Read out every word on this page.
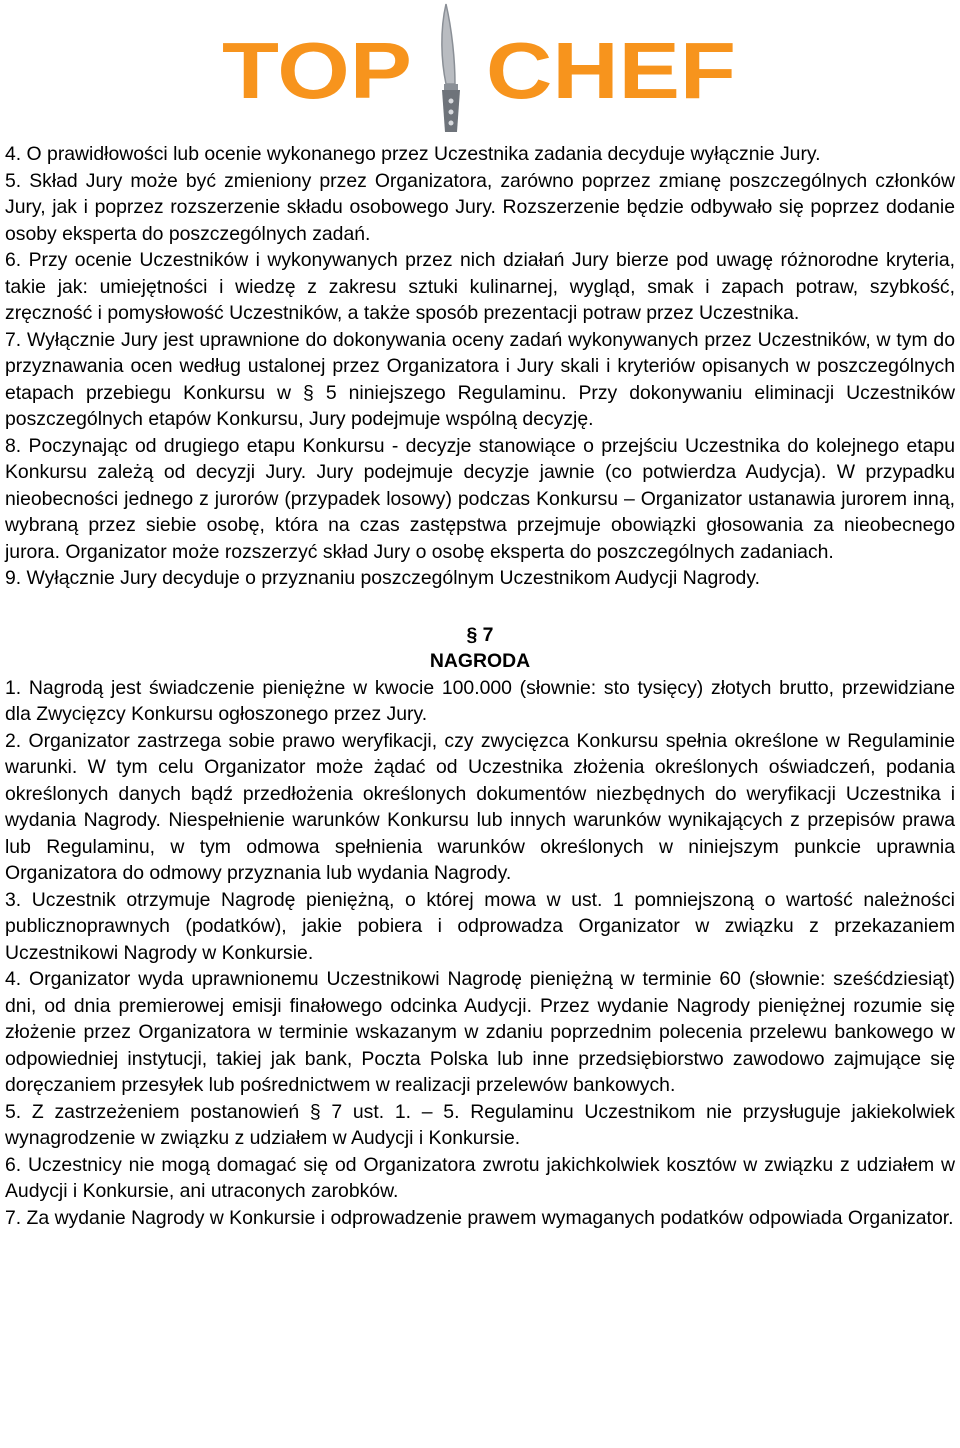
TOP CHEF

4. O prawidłowości lub ocenie wykonanego przez Uczestnika zadania decyduje wyłącznie Jury.

5. Skład Jury może być zmieniony przez Organizatora, zarówno poprzez zmianę poszczególnych członków Jury, jak i poprzez rozszerzenie składu osobowego Jury. Rozszerzenie będzie odbywało się poprzez dodanie osoby eksperta do poszczególnych zadań.

6. Przy ocenie Uczestników i wykonywanych przez nich działań Jury bierze pod uwagę różnorodne kryteria, takie jak: umiejętności i wiedzę z zakresu sztuki kulinarnej, wygląd, smak i zapach potraw, szybkość, zręczność i pomysłowość Uczestników, a także sposób prezentacji potraw przez Uczestnika.

7. Wyłącznie Jury jest uprawnione do dokonywania oceny zadań wykonywanych przez Uczestników, w tym do przyznawania ocen według ustalonej przez Organizatora i Jury skali i kryteriów opisanych w poszczególnych etapach przebiegu Konkursu w § 5 niniejszego Regulaminu. Przy dokonywaniu eliminacji Uczestników poszczególnych etapów Konkursu, Jury podejmuje wspólną decyzję.

8. Poczynając od drugiego etapu Konkursu - decyzje stanowiące o przejściu Uczestnika do kolejnego etapu Konkursu zależą od decyzji Jury. Jury podejmuje decyzje jawnie (co potwierdza Audycja). W przypadku nieobecności jednego z jurorów (przypadek losowy) podczas Konkursu – Organizator ustanawia jurorem inną, wybraną przez siebie osobę, która na czas zastępstwa przejmuje obowiązki głosowania za nieobecnego jurora. Organizator może rozszerzyć skład Jury o osobę eksperta do poszczególnych zadaniach.

9. Wyłącznie Jury decyduje o przyznaniu poszczególnym Uczestnikom Audycji Nagrody.

§ 7

NAGRODA

1. Nagrodą jest świadczenie pieniężne w kwocie 100.000 (słownie: sto tysięcy) złotych brutto, przewidziane dla Zwycięzcy Konkursu ogłoszonego przez Jury.

2. Organizator zastrzega sobie prawo weryfikacji, czy zwycięzca Konkursu spełnia określone w Regulaminie warunki. W tym celu Organizator może żądać od Uczestnika złożenia określonych oświadczeń, podania określonych danych bądź przedłożenia określonych dokumentów niezbędnych do weryfikacji Uczestnika i wydania Nagrody. Niespełnienie warunków Konkursu lub innych warunków wynikających z przepisów prawa lub Regulaminu, w tym odmowa spełnienia warunków określonych w niniejszym punkcie uprawnia Organizatora do odmowy przyznania lub wydania Nagrody.

3. Uczestnik otrzymuje Nagrodę pieniężną, o której mowa w ust. 1 pomniejszoną o wartość należności publicznoprawnych (podatków), jakie pobiera i odprowadza Organizator w związku z przekazaniem Uczestnikowi Nagrody w Konkursie.

4. Organizator wyda uprawnionemu Uczestnikowi Nagrodę pieniężną w terminie 60 (słownie: sześćdziesiąt) dni, od dnia premierowej emisji finałowego odcinka Audycji. Przez wydanie Nagrody pieniężnej rozumie się złożenie przez Organizatora w terminie wskazanym w zdaniu poprzednim polecenia przelewu bankowego w odpowiedniej instytucji, takiej jak bank, Poczta Polska lub inne przedsiębiorstwo zawodowo zajmujące się doręczaniem przesyłek lub pośrednictwem w realizacji przelewów bankowych.

5. Z zastrzeżeniem postanowień § 7 ust. 1. – 5. Regulaminu Uczestnikom nie przysługuje jakiekolwiek wynagrodzenie w związku z udziałem w Audycji i Konkursie.

6. Uczestnicy nie mogą domagać się od Organizatora zwrotu jakichkolwiek kosztów w związku z udziałem w Audycji i Konkursie, ani utraconych zarobków.

7. Za wydanie Nagrody w Konkursie i odprowadzenie prawem wymaganych podatków odpowiada Organizator.
